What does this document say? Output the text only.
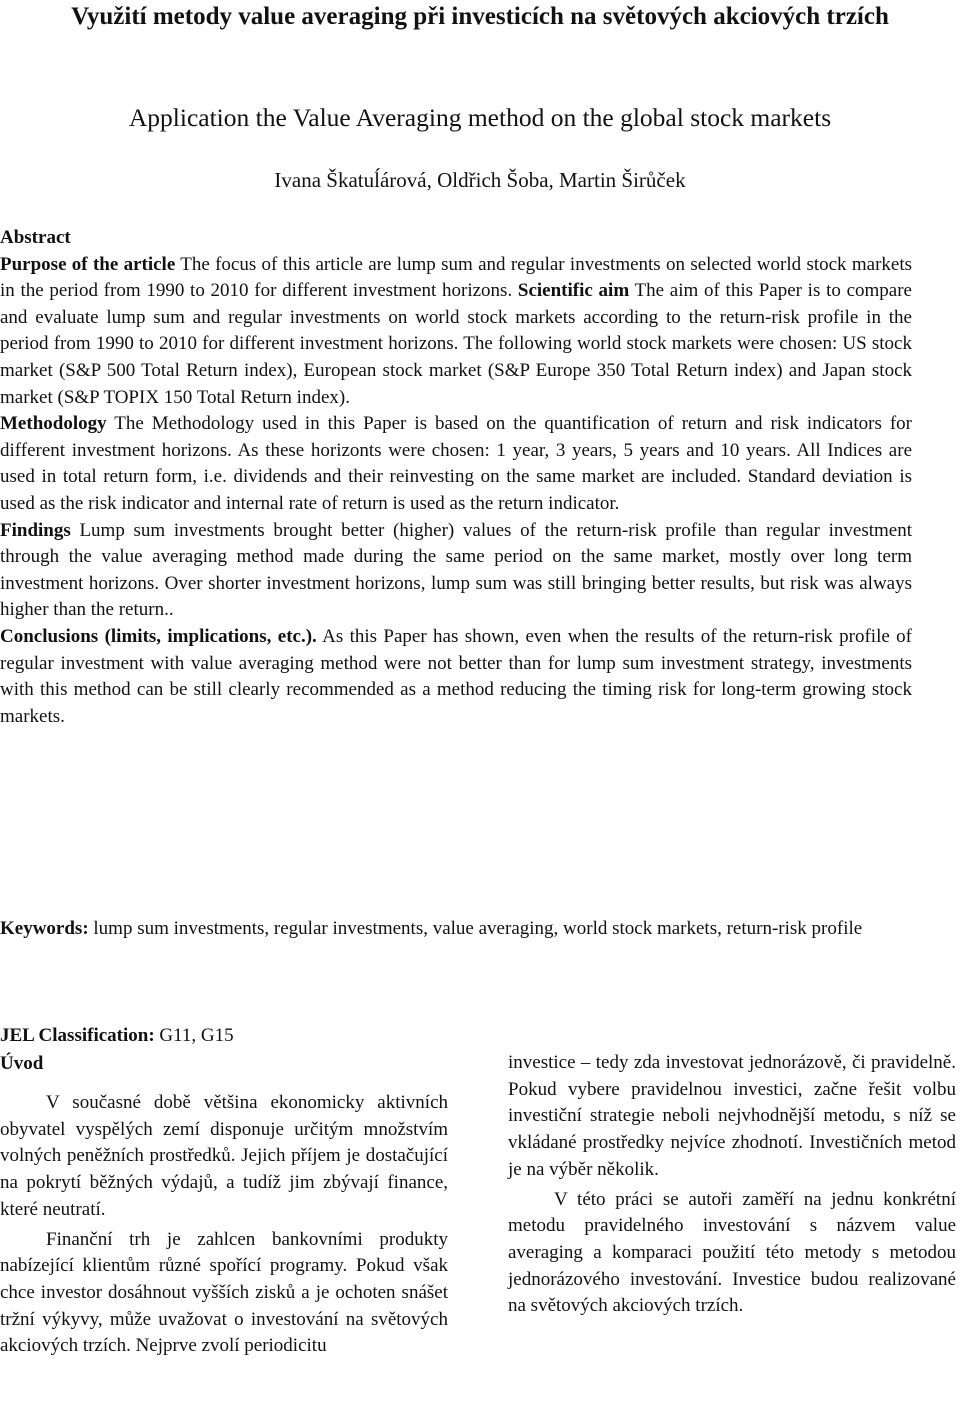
Využití metody value averaging při investicích na světových akciových trzích
Application the Value Averaging method on the global stock markets
Ivana Škatuĺárová, Oldřich Šoba, Martin Širůček

Abstract

Purpose of the article The focus of this article are lump sum and regular investments on selected world stock markets in the period from 1990 to 2010 for different investment horizons. Scientific aim The aim of this Paper is to compare and evaluate lump sum and regular investments on world stock markets according to the return-risk profile in the period from 1990 to 2010 for different investment horizons. The following world stock markets were chosen: US stock market (S&P 500 Total Return index), European stock market (S&P Europe 350 Total Return index) and Japan stock market (S&P TOPIX 150 Total Return index).

Methodology The Methodology used in this Paper is based on the quantification of return and risk indicators for different investment horizons. As these horizonts were chosen: 1 year, 3 years, 5 years and 10 years. All Indices are used in total return form, i.e. dividends and their reinvesting on the same market are included. Standard deviation is used as the risk indicator and internal rate of return is used as the return indicator.

Findings Lump sum investments brought better (higher) values of the return-risk profile than regular investment through the value averaging method made during the same period on the same market, mostly over long term investment horizons. Over shorter investment horizons, lump sum was still bringing better results, but risk was always higher than the return..

Conclusions (limits, implications, etc.). As this Paper has shown, even when the results of the return-risk profile of regular investment with value averaging method were not better than for lump sum investment strategy, investments with this method can be still clearly recommended as a method reducing the timing risk for long-term growing stock markets.

Keywords: lump sum investments, regular investments, value averaging, world stock markets, return-risk profile

JEL Classification: G11, G15
Úvod

V současné době většina ekonomicky aktivních obyvatel vyspělých zemí disponuje určitým množstvím volných peněžních prostředků. Jejich příjem je dostačující na pokrytí běžných výdajů, a tudíž jim zbývají finance, které neutratí.

Finanční trh je zahlcen bankovními produkty nabízející klientům různé spořící programy. Pokud však chce investor dosáhnout vyšších zisků a je ochoten snášet tržní výkyvy, může uvažovat o investování na světových akciových trzích. Nejprve zvolí periodicitu

investice – tedy zda investovat jednorázově, či pravidelně. Pokud vybere pravidelnou investici, začne řešit volbu investiční strategie neboli nejvhodnější metodu, s níž se vkládané prostředky nejvíce zhodnotí. Investičních metod je na výběr několik.

V této práci se autoři zaměří na jednu konkrétní metodu pravidelného investování s názvem value averaging a komparaci použití této metody s metodou jednorázového investování. Investice budou realizované na světových akciových trzích.
